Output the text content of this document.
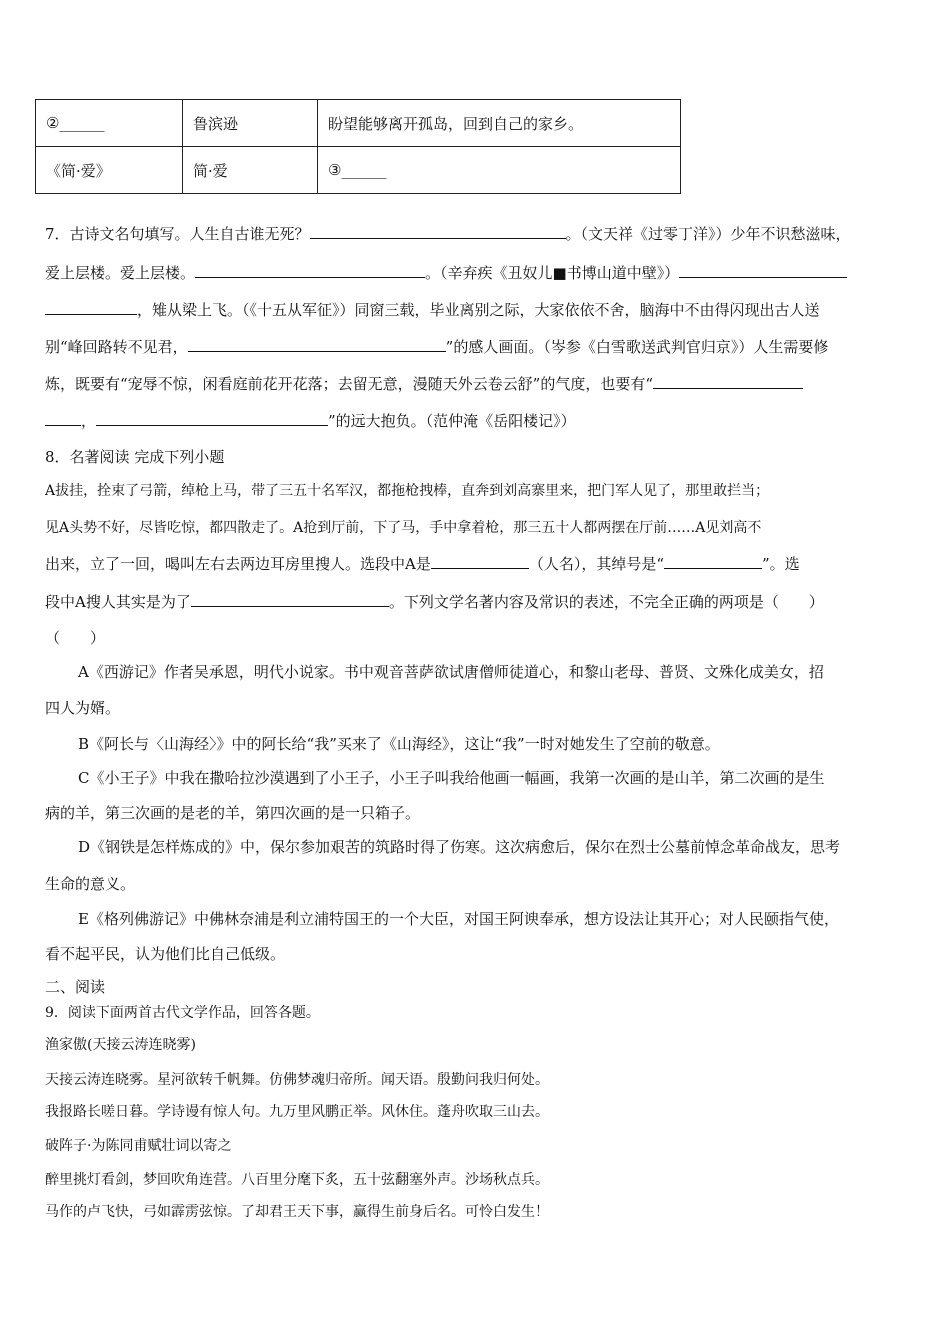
②______	鲁滨逊	盼望能够离开孤岛，回到自己的家乡。
《简·爱》	简·爱	③______
7．古诗文名句填写。人生自古谁无死？	。（文天祥《过零丁洋》）少年不识愁滋味，
爱上层楼。爱上层楼。	。（辛弃疾《丑奴儿■书博山道中壁》）
，雉从梁上飞。（《十五从军征》）同窗三载，毕业离别之际，大家依依不舍，脑海中不由得闪现出古人送
别“峰回路转不见君，	”的感人画面。（岑参《白雪歌送武判官归京》）人生需要修
炼，既要有“宠辱不惊，闲看庭前花开花落；去留无意，漫随天外云卷云舒”的气度，也要有“
，	”的远大抱负。（范仲淹《岳阳楼记》）
8．名著阅读 完成下列小题
A拔挂，拴束了弓箭，绰枪上马，带了三五十名军汉，都拖枪拽棒，直奔到刘高寨里来，把门军人见了，那里敢拦当；
见A头势不好，尽皆吃惊，都四散走了。A抢到厅前，下了马，手中拿着枪，那三五十人都两摆在厅前……A见刘高不
出来，立了一回，喝叫左右去两边耳房里搜人。选段中A是	（人名），其绰号是“	”。选
段中A搜人其实是为了	。下列文学名著内容及常识的表述，不完全正确的两项是（　　）
（　　）
A《西游记》作者吴承恩，明代小说家。书中观音菩萨欲试唐僧师徒道心，和黎山老母、普贤、文殊化成美女，招
四人为婿。
B《阿长与〈山海经〉》中的阿长给“我”买来了《山海经》，这让“我”一时对她发生了空前的敬意。
C《小王子》中我在撒哈拉沙漠遇到了小王子，小王子叫我给他画一幅画，我第一次画的是山羊，第二次画的是生
病的羊，第三次画的是老的羊，第四次画的是一只箱子。
D《钢铁是怎样炼成的》中，保尔参加艰苦的筑路时得了伤寒。这次病愈后，保尔在烈士公墓前悼念革命战友，思考
生命的意义。
E《格列佛游记》中佛林奈浦是利立浦特国王的一个大臣，对国王阿谀奉承，想方设法让其开心；对人民颐指气使，
看不起平民，认为他们比自己低级。
二、阅读
9．阅读下面两首古代文学作品，回答各题。
渔家傲(天接云涛连晓雾)
天接云涛连晓雾。星河欲转千帆舞。仿佛梦魂归帝所。闻天语。殷勤问我归何处。
我报路长嗟日暮。学诗谩有惊人句。九万里风鹏正举。风休住。蓬舟吹取三山去。
破阵子·为陈同甫赋壮词以寄之
醉里挑灯看剑，梦回吹角连营。八百里分麾下炙，五十弦翻塞外声。沙场秋点兵。
马作的卢飞快，弓如霹雳弦惊。了却君王天下事，赢得生前身后名。可怜白发生！
